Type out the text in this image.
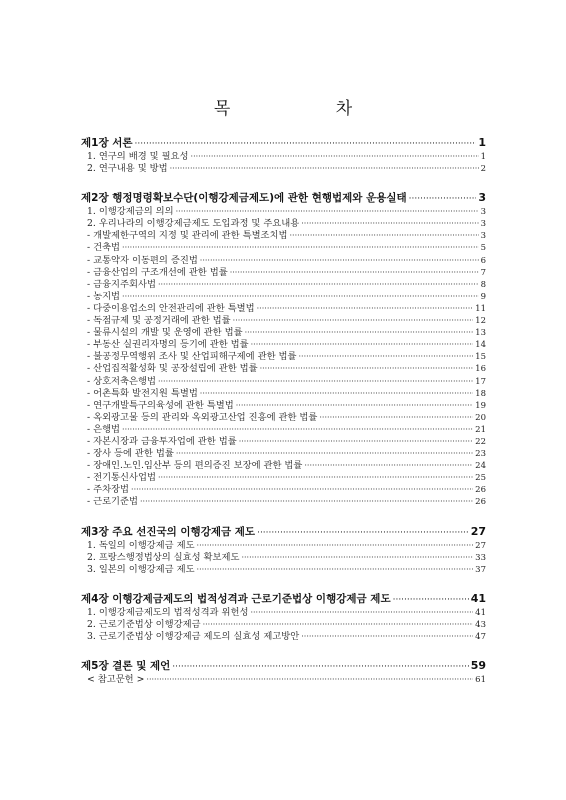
목 차
제1장 서론 ·····	1
1. 연구의 배경 및 필요성 ·····	1
2. 연구내용 및 방법 ·····	2
제2장 행정명령확보수단(이행강제금제도)에 관한 현행법제와 운용실태 ·····	3
1. 이행강제금의 의의 ·····	3
2. 우리나라의 이행강제금제도 도입과정 및 주요내용 ·····	3
- 개발제한구역의 지정 및 관리에 관한 특별조치법 ·····	3
- 건축법 ·····	5
- 교통약자 이동편의 증진법 ·····	6
- 금융산업의 구조개선에 관한 법률 ·····	7
- 금융지주회사법 ·····	8
- 농지법 ·····	9
- 다중이용업소의 안전관리에 관한 특별법 ·····	11
- 독점규제 및 공정거래에 관한 법률 ·····	12
- 물류시설의 개발 및 운영에 관한 법률 ·····	13
- 부동산 실권리자명의 등기에 관한 법률 ·····	14
- 불공정무역행위 조사 및 산업피해구제에 관한 법률 ·····	15
- 산업집적활성화 및 공장설립에 관한 법률 ·····	16
- 상호저축은행법 ·····	17
- 어촌특화 발전지원 특별법 ·····	18
- 연구개발특구의육성에 관한 특별법 ·····	19
- 옥외광고물 등의 관리와 옥외광고산업 진흥에 관한 법률 ·····	20
- 은행법 ·····	21
- 자본시장과 금융투자업에 관한 법률 ·····	22
- 장사 등에 관한 법률 ·····	23
- 장애인.노인.임산부 등의 편의증진 보장에 관한 법률 ·····	24
- 전기통신사업법 ·····	25
- 주차장법 ·····	26
- 근로기준법 ·····	26
제3장 주요 선진국의 이행강제금 제도 ·····	27
1. 독일의 이행강제금 제도 ·····	27
2. 프랑스행정법상의 실효성 확보제도 ·····	33
3. 일본의 이행강제금 제도 ·····	37
제4장 이행강제금제도의 법적성격과 근로기준법상 이행강제금 제도 ·····	41
1. 이행강제금제도의 법적성격과 위헌성 ·····	41
2. 근로기준법상 이행강제금 ·····	43
3. 근로기준법상 이행강제금 제도의 실효성 제고방안 ·····	47
제5장 결론 및 제언 ·····	59
< 참고문헌 > ·····	61
